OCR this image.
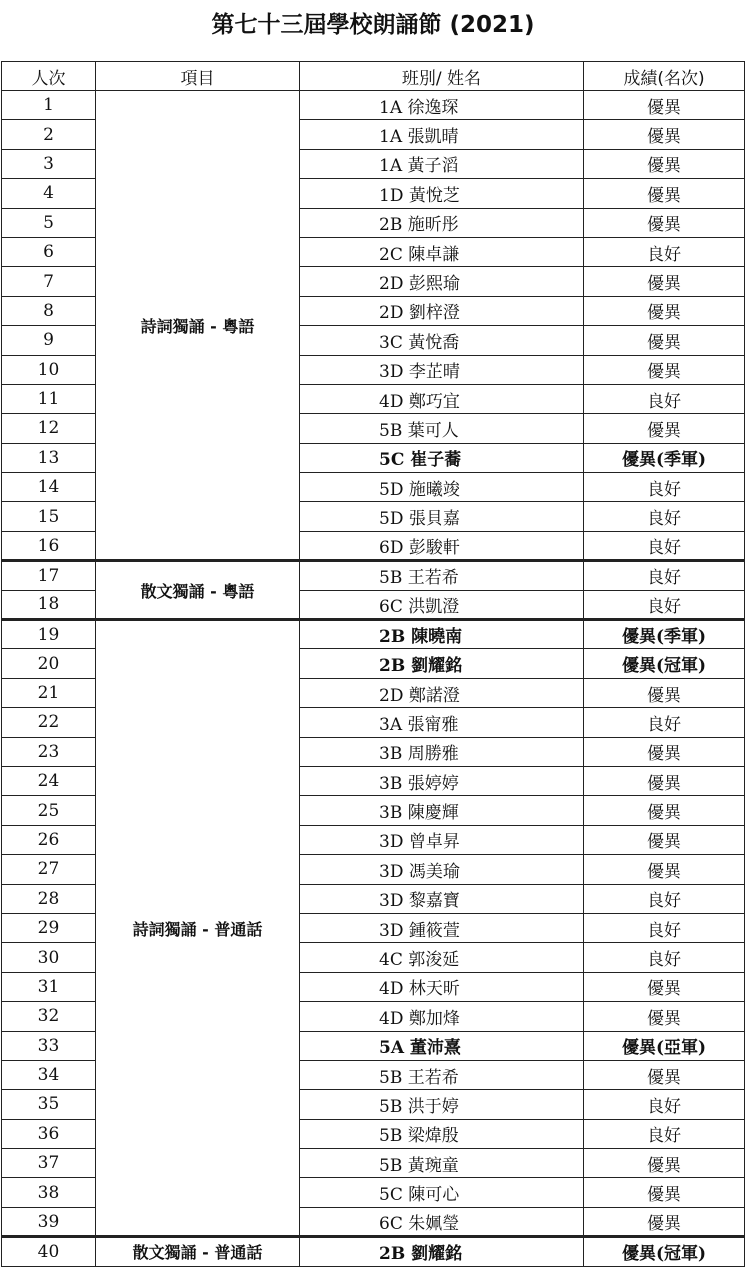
第七十三屆學校朗誦節 (2021)
人次	項目	班別/ 姓名	成績(名次)
1	詩詞獨誦 - 粵語	1A 徐逸琛	優異
2		1A 張凱晴	優異
3		1A 黃子滔	優異
4		1D 黃悅芝	優異
5		2B 施昕彤	優異
6		2C 陳卓謙	良好
7		2D 彭熙瑜	優異
8		2D 劉梓澄	優異
9		3C 黃悅喬	優異
10		3D 李芷晴	優異
11		4D 鄭巧宜	良好
12		5B 葉可人	優異
13		5C 崔子蕎	優異(季軍)
14		5D 施曦竣	良好
15		5D 張貝嘉	良好
16		6D 彭駿軒	良好
17	散文獨誦 - 粵語	5B 王若希	良好
18		6C 洪凱澄	良好
19	詩詞獨誦 - 普通話	2B 陳曉南	優異(季軍)
20		2B 劉耀銘	優異(冠軍)
21		2D 鄭諾澄	優異
22		3A 張甯雅	良好
23		3B 周勝雅	優異
24		3B 張婷婷	優異
25		3B 陳慶輝	優異
26		3D 曾卓昇	優異
27		3D 馮美瑜	優異
28		3D 黎嘉寶	良好
29		3D 鍾筱萱	良好
30		4C 郭浚延	良好
31		4D 林天昕	優異
32		4D 鄭加烽	優異
33		5A 董沛熹	優異(亞軍)
34		5B 王若希	優異
35		5B 洪于婷	良好
36		5B 梁煒殷	良好
37		5B 黃琬童	優異
38		5C 陳可心	優異
39		6C 朱姵瑩	優異
40	散文獨誦 - 普通話	2B 劉耀銘	優異(冠軍)
